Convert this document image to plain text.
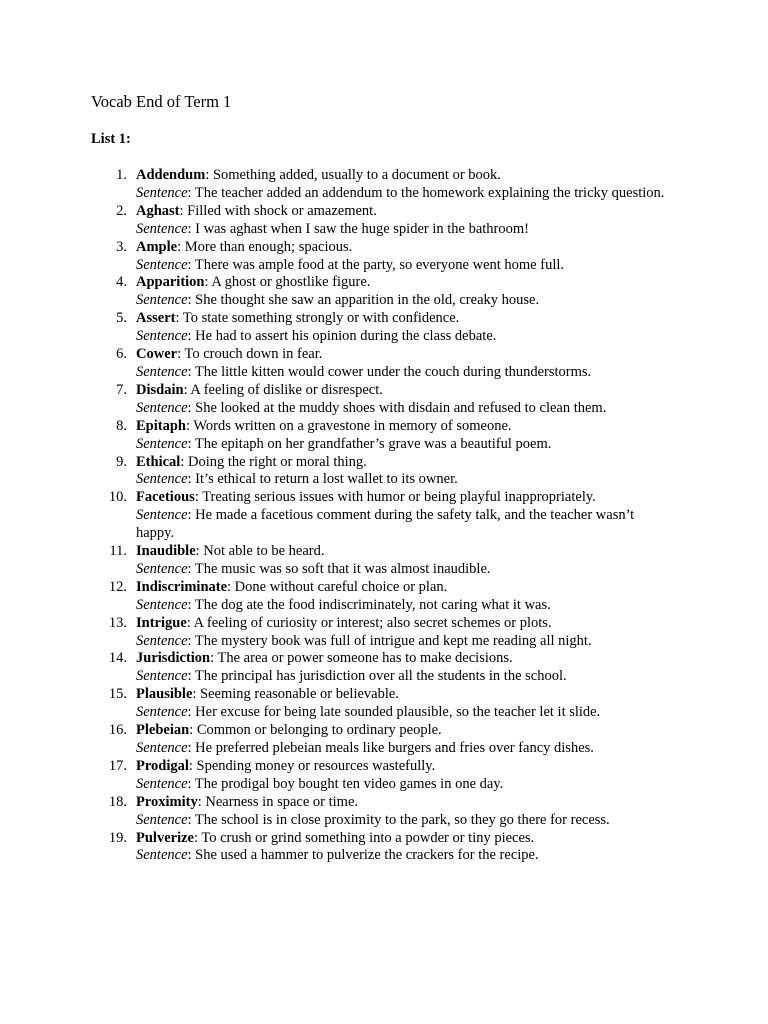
Vocab End of Term 1
List 1:
1. Addendum: Something added, usually to a document or book.
Sentence: The teacher added an addendum to the homework explaining the tricky question.
2. Aghast: Filled with shock or amazement.
Sentence: I was aghast when I saw the huge spider in the bathroom!
3. Ample: More than enough; spacious.
Sentence: There was ample food at the party, so everyone went home full.
4. Apparition: A ghost or ghostlike figure.
Sentence: She thought she saw an apparition in the old, creaky house.
5. Assert: To state something strongly or with confidence.
Sentence: He had to assert his opinion during the class debate.
6. Cower: To crouch down in fear.
Sentence: The little kitten would cower under the couch during thunderstorms.
7. Disdain: A feeling of dislike or disrespect.
Sentence: She looked at the muddy shoes with disdain and refused to clean them.
8. Epitaph: Words written on a gravestone in memory of someone.
Sentence: The epitaph on her grandfather’s grave was a beautiful poem.
9. Ethical: Doing the right or moral thing.
Sentence: It’s ethical to return a lost wallet to its owner.
10. Facetious: Treating serious issues with humor or being playful inappropriately.
Sentence: He made a facetious comment during the safety talk, and the teacher wasn’t happy.
11. Inaudible: Not able to be heard.
Sentence: The music was so soft that it was almost inaudible.
12. Indiscriminate: Done without careful choice or plan.
Sentence: The dog ate the food indiscriminately, not caring what it was.
13. Intrigue: A feeling of curiosity or interest; also secret schemes or plots.
Sentence: The mystery book was full of intrigue and kept me reading all night.
14. Jurisdiction: The area or power someone has to make decisions.
Sentence: The principal has jurisdiction over all the students in the school.
15. Plausible: Seeming reasonable or believable.
Sentence: Her excuse for being late sounded plausible, so the teacher let it slide.
16. Plebeian: Common or belonging to ordinary people.
Sentence: He preferred plebeian meals like burgers and fries over fancy dishes.
17. Prodigal: Spending money or resources wastefully.
Sentence: The prodigal boy bought ten video games in one day.
18. Proximity: Nearness in space or time.
Sentence: The school is in close proximity to the park, so they go there for recess.
19. Pulverize: To crush or grind something into a powder or tiny pieces.
Sentence: She used a hammer to pulverize the crackers for the recipe.
